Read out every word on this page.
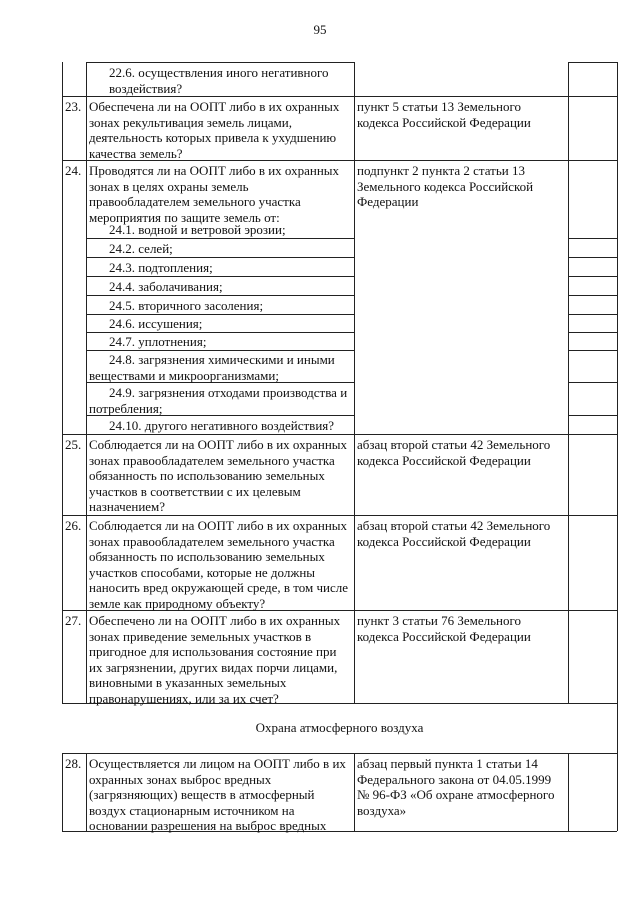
95
22.6. осуществления иного негативного
воздействия?
23. Обеспечена ли на ООПТ либо в их охранных
зонах рекультивация земель лицами,
деятельность которых привела к ухудшению
качества земель?
пункт 5 статьи 13 Земельного
кодекса Российской Федерации
24. Проводятся ли на ООПТ либо в их охранных
зонах в целях охраны земель
правообладателем земельного участка
мероприятия по защите земель от:
подпункт 2 пункта 2 статьи 13
Земельного кодекса Российской
Федерации
24.1. водной и ветровой эрозии;
24.2. селей;
24.3. подтопления;
24.4. заболачивания;
24.5. вторичного засоления;
24.6. иссушения;
24.7. уплотнения;
24.8. загрязнения химическими и иными
веществами и микроорганизмами;
24.9. загрязнения отходами производства и
потребления;
24.10. другого негативного воздействия?
25. Соблюдается ли на ООПТ либо в их охранных
зонах правообладателем земельного участка
обязанность по использованию земельных
участков в соответствии с их целевым
назначением?
абзац второй статьи 42 Земельного
кодекса Российской Федерации
26. Соблюдается ли на ООПТ либо в их охранных
зонах правообладателем земельного участка
обязанность по использованию земельных
участков способами, которые не должны
наносить вред окружающей среде, в том числе
земле как природному объекту?
абзац второй статьи 42 Земельного
кодекса Российской Федерации
27. Обеспечено ли на ООПТ либо в их охранных
зонах приведение земельных участков в
пригодное для использования состояние при
их загрязнении, других видах порчи лицами,
виновными в указанных земельных
правонарушениях, или за их счет?
пункт 3 статьи 76 Земельного
кодекса Российской Федерации
Охрана атмосферного воздуха
28. Осуществляется ли лицом на ООПТ либо в их
охранных зонах выброс вредных
(загрязняющих) веществ в атмосферный
воздух стационарным источником на
основании разрешения на выброс вредных
абзац первый пункта 1 статьи 14
Федерального закона от 04.05.1999
№ 96-ФЗ «Об охране атмосферного
воздуха»
